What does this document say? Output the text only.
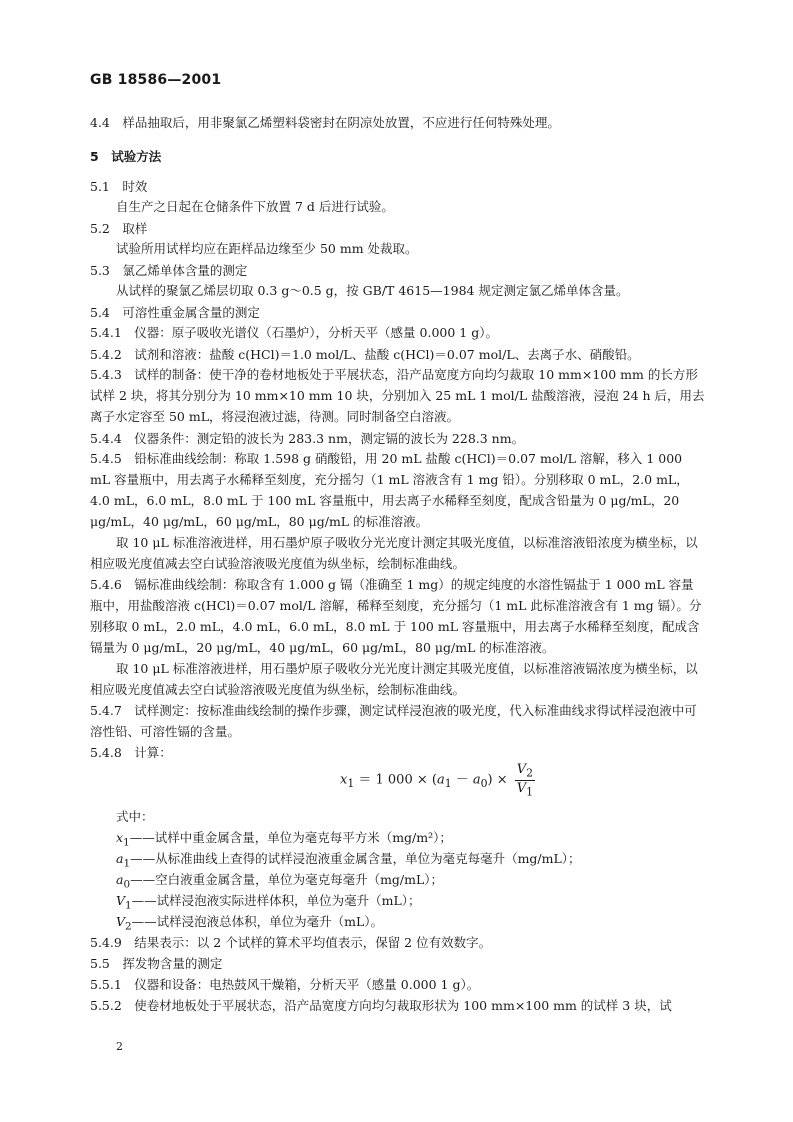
GB 18586—2001

4.4　样品抽取后，用非聚氯乙烯塑料袋密封在阴凉处放置，不应进行任何特殊处理。

5　试验方法

5.1　时效

自生产之日起在仓储条件下放置 7 d 后进行试验。

5.2　取样

试验所用试样均应在距样品边缘至少 50 mm 处裁取。

5.3　氯乙烯单体含量的测定

从试样的聚氯乙烯层切取 0.3 g～0.5 g，按 GB/T 4615—1984 规定测定氯乙烯单体含量。

5.4　可溶性重金属含量的测定

5.4.1　仪器：原子吸收光谱仪（石墨炉），分析天平（感量 0.000 1 g）。

5.4.2　试剂和溶液：盐酸 c(HCl)＝1.0 mol/L、盐酸 c(HCl)＝0.07 mol/L、去离子水、硝酸铅。

5.4.3　试样的制备：使干净的卷材地板处于平展状态，沿产品宽度方向均匀裁取 10 mm×100 mm 的长方形试样 2 块，将其分别分为 10 mm×10 mm 10 块，分别加入 25 mL 1 mol/L 盐酸溶液，浸泡 24 h 后，用去离子水定容至 50 mL，将浸泡液过滤，待测。同时制备空白溶液。

5.4.4　仪器条件：测定铅的波长为 283.3 nm，测定镉的波长为 228.3 nm。

5.4.5　铅标准曲线绘制：称取 1.598 g 硝酸铅，用 20 mL 盐酸 c(HCl)＝0.07 mol/L 溶解，移入 1 000 mL 容量瓶中，用去离子水稀释至刻度，充分摇匀（1 mL 溶液含有 1 mg 铅）。分别移取 0 mL，2.0 mL，4.0 mL，6.0 mL，8.0 mL 于 100 mL 容量瓶中，用去离子水稀释至刻度，配成含铅量为 0 μg/mL，20 μg/mL，40 μg/mL，60 μg/mL，80 μg/mL 的标准溶液。

取 10 μL 标准溶液进样，用石墨炉原子吸收分光光度计测定其吸光度值，以标准溶液铅浓度为横坐标，以相应吸光度值减去空白试验溶液吸光度值为纵坐标，绘制标准曲线。

5.4.6　镉标准曲线绘制：称取含有 1.000 g 镉（准确至 1 mg）的规定纯度的水溶性镉盐于 1 000 mL 容量瓶中，用盐酸溶液 c(HCl)＝0.07 mol/L 溶解，稀释至刻度，充分摇匀（1 mL 此标准溶液含有 1 mg 镉）。分别移取 0 mL，2.0 mL，4.0 mL，6.0 mL，8.0 mL 于 100 mL 容量瓶中，用去离子水稀释至刻度，配成含镉量为 0 μg/mL，20 μg/mL，40 μg/mL，60 μg/mL，80 μg/mL 的标准溶液。

取 10 μL 标准溶液进样，用石墨炉原子吸收分光光度计测定其吸光度值，以标准溶液镉浓度为横坐标，以相应吸光度值减去空白试验溶液吸光度值为纵坐标，绘制标准曲线。

5.4.7　试样测定：按标准曲线绘制的操作步骤，测定试样浸泡液的吸光度，代入标准曲线求得试样浸泡液中可溶性铅、可溶性镉的含量。

5.4.8　计算：

$x_1 = 1$ $000 \times (a_1 - a_0) \times \frac{V_2}{V_1}$

式中：

$x_1——$试样中重金属含量，单位为毫克每平方米（mg/m²）；
$a_1——$从标准曲线上查得的试样浸泡液重金属含量，单位为毫克每毫升（mg/mL）；
$a_0——$空白液重金属含量，单位为毫克每毫升（mg/mL）；
$V_1——$试样浸泡液实际进样体积，单位为毫升（mL）；
$V_2——$试样浸泡液总体积，单位为毫升（mL）。

5.4.9　结果表示：以 2 个试样的算术平均值表示，保留 2 位有效数字。

5.5　挥发物含量的测定

5.5.1　仪器和设备：电热鼓风干燥箱，分析天平（感量 0.000 1 g）。

5.5.2　使卷材地板处于平展状态，沿产品宽度方向均匀裁取形状为 100 mm×100 mm 的试样 3 块，试

2
